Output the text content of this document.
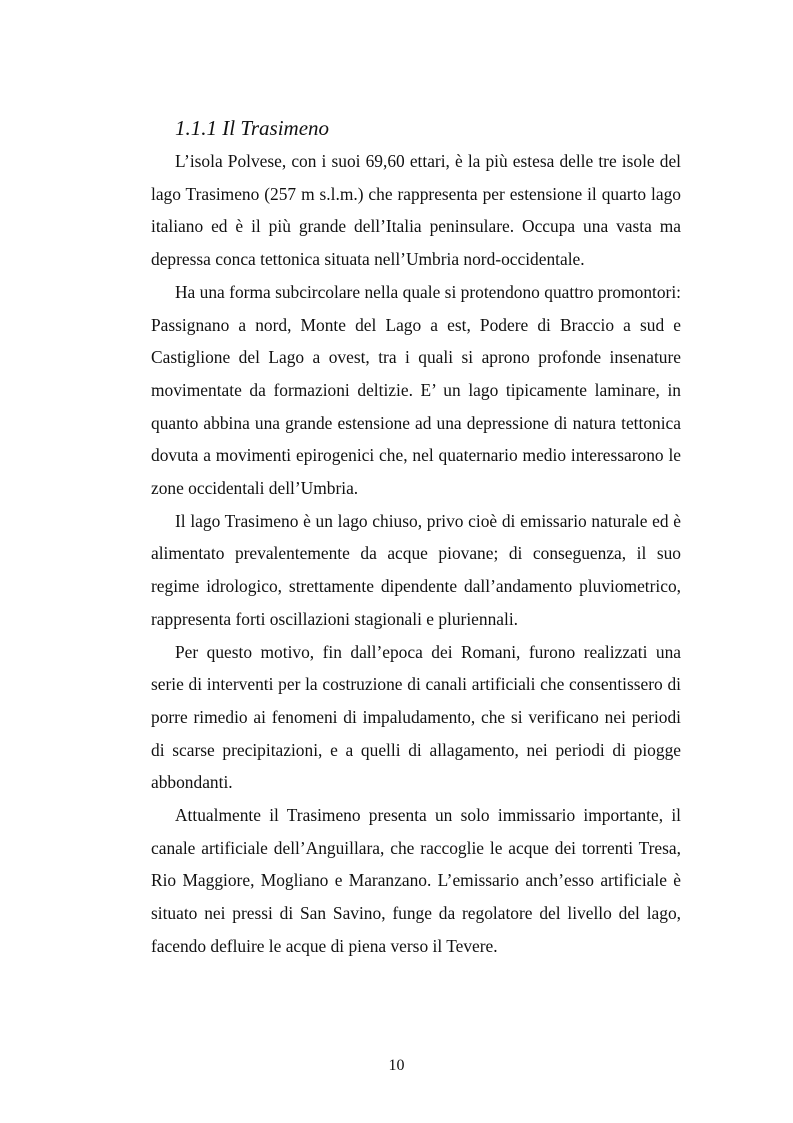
1.1.1 Il Trasimeno

L’isola Polvese, con i suoi 69,60 ettari, è la più estesa delle tre isole del lago Trasimeno (257 m s.l.m.) che rappresenta per estensione il quarto lago italiano ed è il più grande dell’Italia peninsulare. Occupa una vasta ma depressa conca tettonica situata nell’Umbria nord-occidentale.

Ha una forma subcircolare nella quale si protendono quattro promontori: Passignano a nord, Monte del Lago a est, Podere di Braccio a sud e Castiglione del Lago a ovest, tra i quali si aprono profonde insenature movimentate da formazioni deltizie. E’ un lago tipicamente laminare, in quanto abbina una grande estensione ad una depressione di natura tettonica dovuta a movimenti epirogenici che, nel quaternario medio interessarono le zone occidentali dell’Umbria.

Il lago Trasimeno è un lago chiuso, privo cioè di emissario naturale ed è alimentato prevalentemente da acque piovane; di conseguenza, il suo regime idrologico, strettamente dipendente dall’andamento pluviometrico, rappresenta forti oscillazioni stagionali e pluriennali.

Per questo motivo, fin dall’epoca dei Romani, furono realizzati una serie di interventi per la costruzione di canali artificiali che consentissero di porre rimedio ai fenomeni di impaludamento, che si verificano nei periodi di scarse precipitazioni, e a quelli di allagamento, nei periodi di piogge abbondanti.

Attualmente il Trasimeno presenta un solo immissario importante, il canale artificiale dell’Anguillara, che raccoglie le acque dei torrenti Tresa, Rio Maggiore, Mogliano e Maranzano. L’emissario anch’esso artificiale è situato nei pressi di San Savino, funge da regolatore del livello del lago, facendo defluire le acque di piena verso il Tevere.

10
